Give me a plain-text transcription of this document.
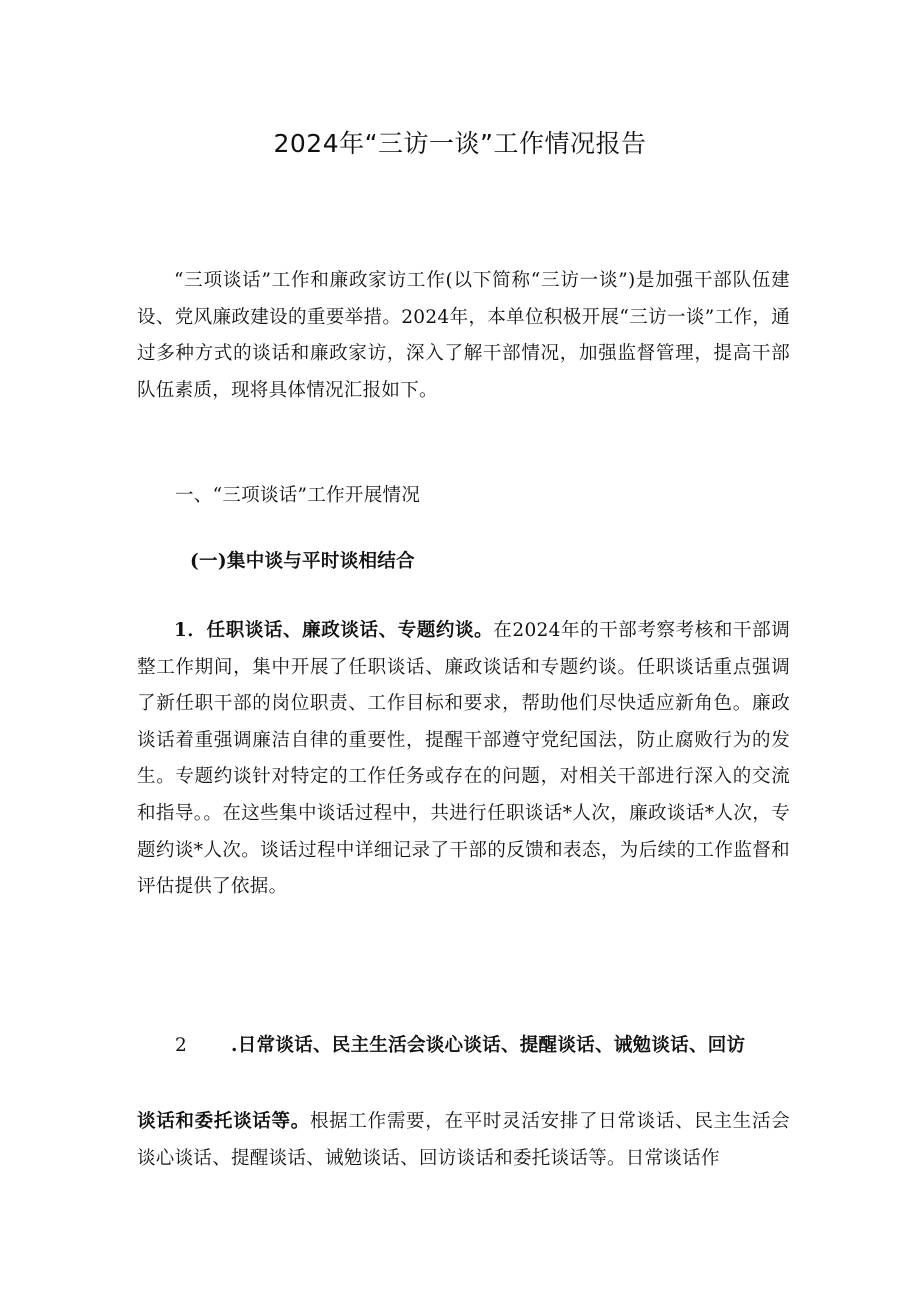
2024年“三访一谈”工作情况报告
“三项谈话”工作和廉政家访工作(以下简称“三访一谈”)是加强干部队伍建设、党风廉政建设的重要举措。2024年，本单位积极开展“三访一谈”工作，通过多种方式的谈话和廉政家访，深入了解干部情况，加强监督管理，提高干部队伍素质，现将具体情况汇报如下。
一、“三项谈话”工作开展情况
(一)集中谈与平时谈相结合
1．任职谈话、廉政谈话、专题约谈。在2024年的干部考察考核和干部调整工作期间，集中开展了任职谈话、廉政谈话和专题约谈。任职谈话重点强调了新任职干部的岗位职责、工作目标和要求，帮助他们尽快适应新角色。廉政谈话着重强调廉洁自律的重要性，提醒干部遵守党纪国法，防止腐败行为的发生。专题约谈针对特定的工作任务或存在的问题，对相关干部进行深入的交流和指导。。在这些集中谈话过程中，共进行任职谈话*人次，廉政谈话*人次，专题约谈*人次。谈话过程中详细记录了干部的反馈和表态，为后续的工作监督和评估提供了依据。
2 .日常谈话、民主生活会谈心谈话、提醒谈话、诫勉谈话、回访
谈话和委托谈话等。根据工作需要，在平时灵活安排了日常谈话、民主生活会谈心谈话、提醒谈话、诫勉谈话、回访谈话和委托谈话等。日常谈话作
